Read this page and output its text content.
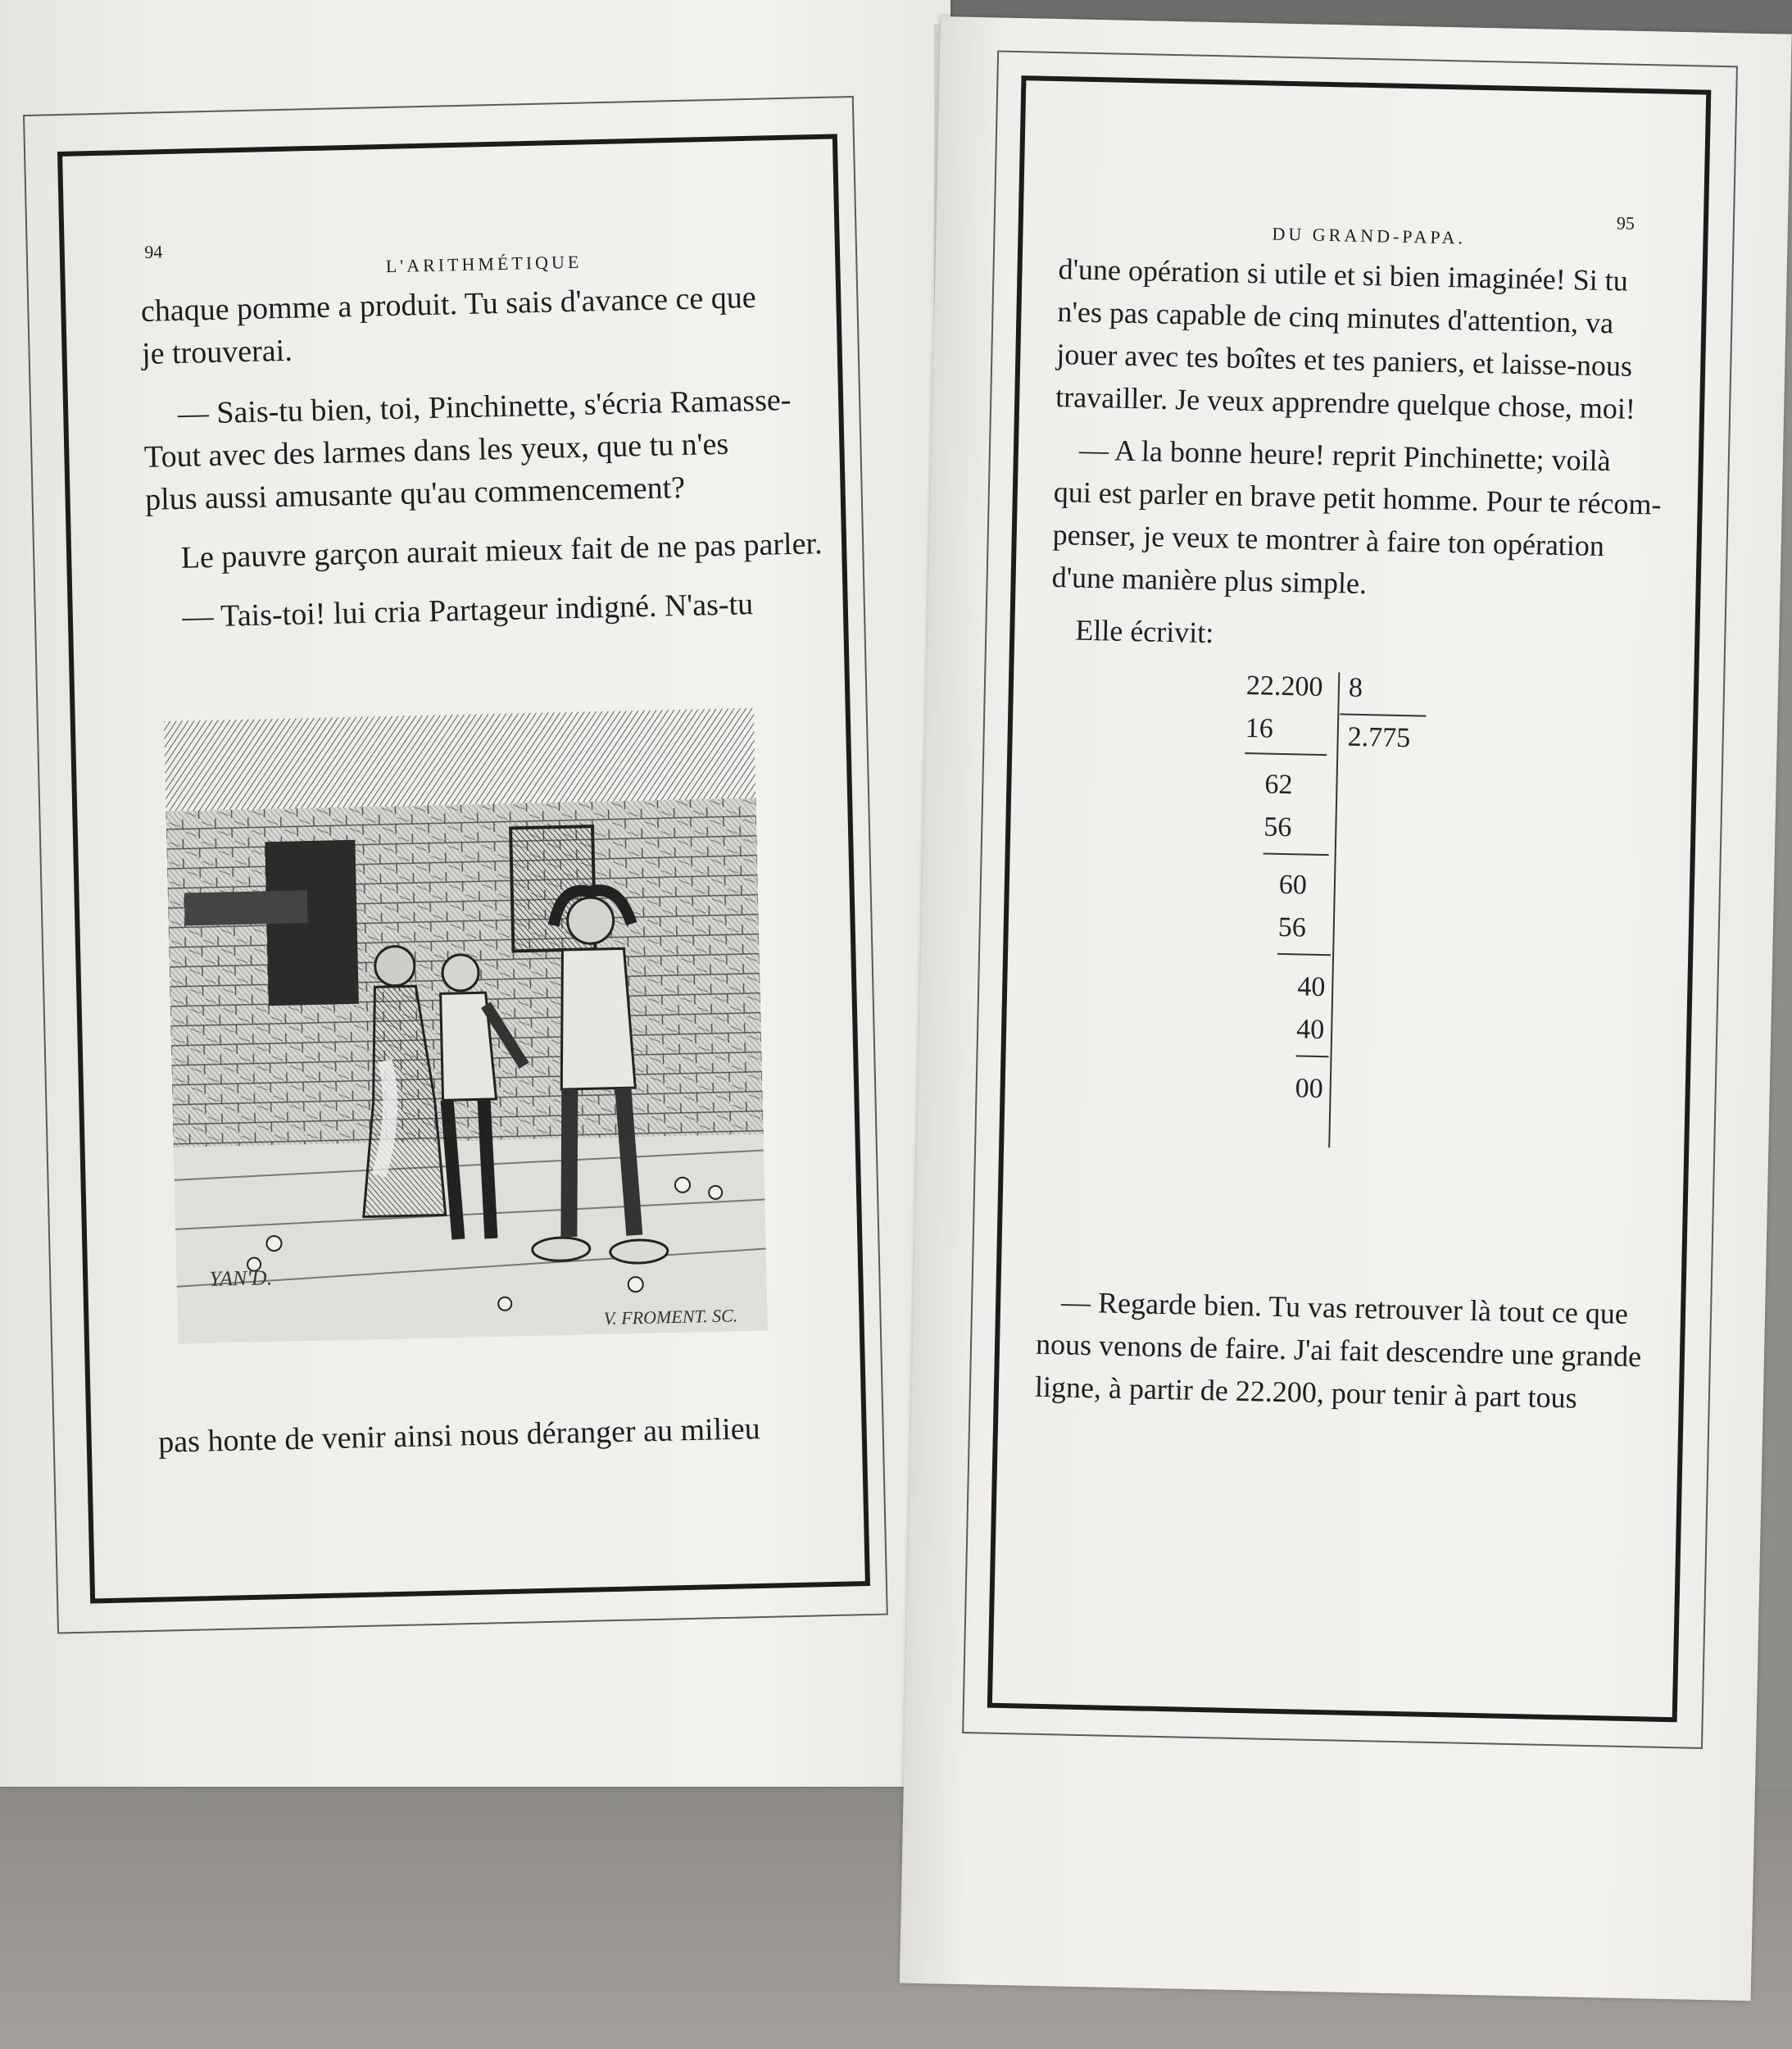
94	L'ARITHMÉTIQUE
chaque pomme a produit. Tu sais d'avance ce que
je trouverai.
— Sais-tu bien, toi, Pinchinette, s'écria Ramasse-
Tout avec des larmes dans les yeux, que tu n'es
plus aussi amusante qu'au commencement?
Le pauvre garçon aurait mieux fait de ne pas parler.
— Tais-toi! lui cria Partageur indigné. N'as-tu
pas honte de venir ainsi nous déranger au milieu
YAN'D.
V. FROMENT. SC.
95
DU GRAND-PAPA.
d'une opération si utile et si bien imaginée! Si tu
n'es pas capable de cinq minutes d'attention, va
jouer avec tes boîtes et tes paniers, et laisse-nous
travailler. Je veux apprendre quelque chose, moi!
— A la bonne heure! reprit Pinchinette; voilà
qui est parler en brave petit homme. Pour te récom-
penser, je veux te montrer à faire ton opération
d'une manière plus simple.
Elle écrivit:
22.200 8
2.775
16
62
56
60
56
40
40
00
— Regarde bien. Tu vas retrouver là tout ce que
nous venons de faire. J'ai fait descendre une grande
ligne, à partir de 22.200, pour tenir à part tous
